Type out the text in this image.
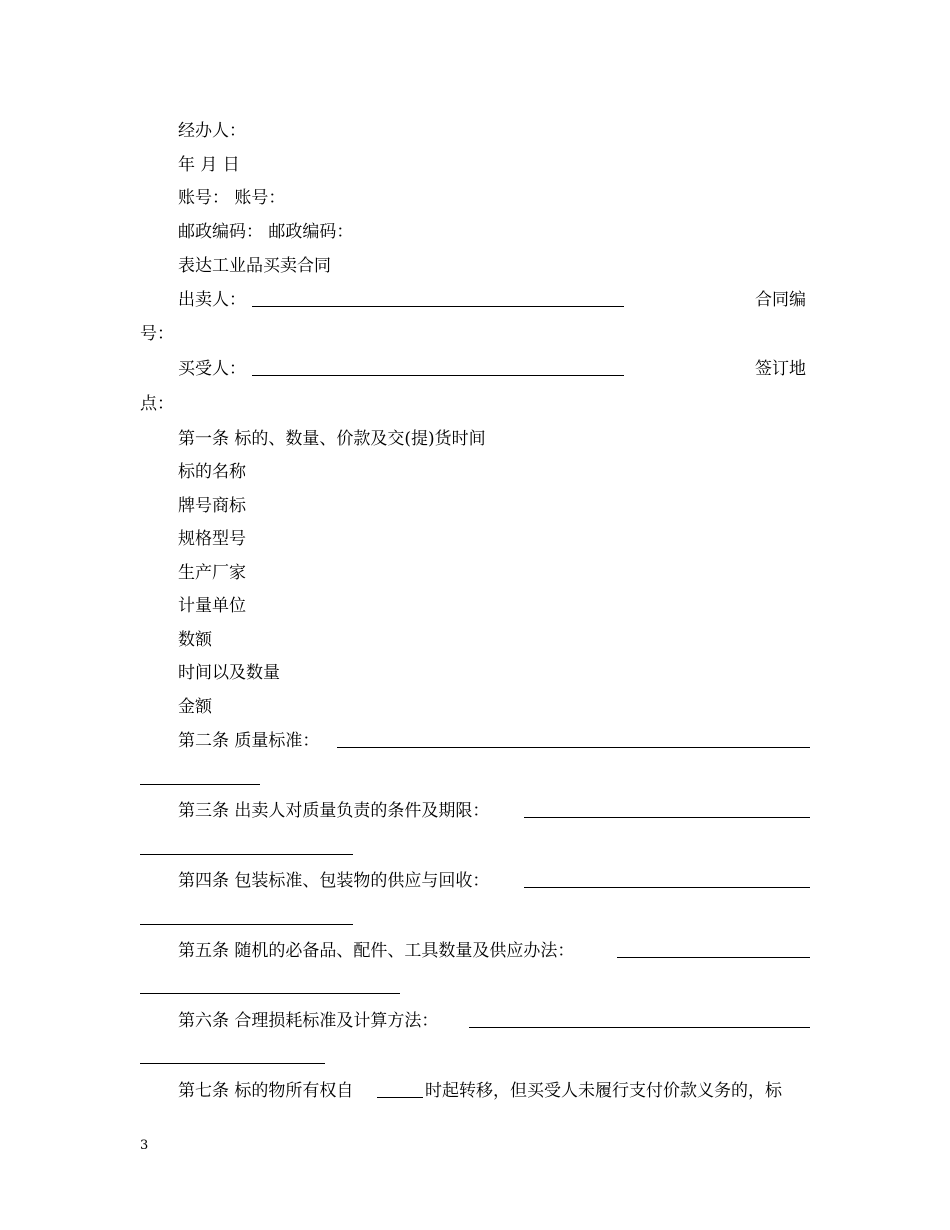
经办人：
年 月 日
账号： 账号：
邮政编码： 邮政编码：
表达工业品买卖合同
出卖人：	合同编
号：
买受人：	签订地
点：
第一条 标的、数量、价款及交(提)货时间
标的名称
牌号商标
规格型号
生产厂家
计量单位
数额
时间以及数量
金额
第二条 质量标准：
第三条 出卖人对质量负责的条件及期限：
第四条 包装标准、包装物的供应与回收：
第五条 随机的必备品、配件、工具数量及供应办法：
第六条 合理损耗标准及计算方法：
第七条 标的物所有权自	时起转移，但买受人未履行支付价款义务的，标
3
